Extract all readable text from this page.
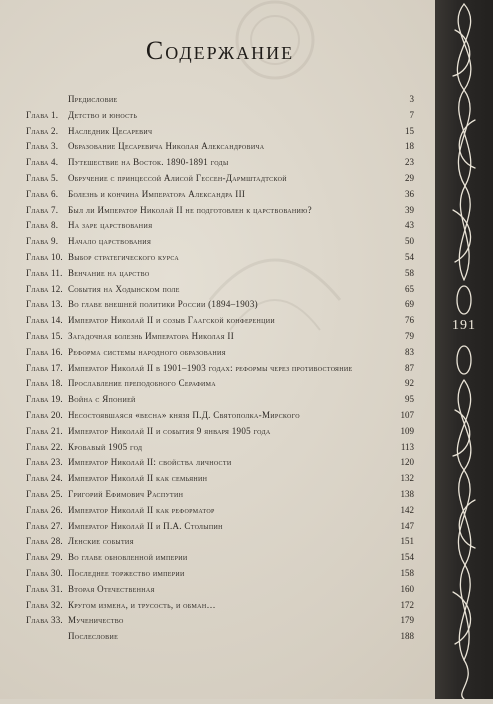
Содержание
Предисловие	3
Глава 1.	Детство и юность	7
Глава 2.	Наследник Цесаревич	15
Глава 3.	Образование Цесаревича Николая Александровича	18
Глава 4.	Путешествие на Восток. 1890-1891 годы	23
Глава 5.	Обручение с принцессой Алисой Гессен-Дармштадтской	29
Глава 6.	Болезнь и кончина Императора Александра III	36
Глава 7.	Был ли Император Николай II не подготовлен к царствованию?	39
Глава 8.	На заре царствования	43
Глава 9.	Начало царствования	50
Глава 10. Выбор стратегического курса	54
Глава 11. Венчание на царство	58
Глава 12. События на Ходынском поле	65
Глава 13. Во главе внешней политики России (1894–1903)	69
Глава 14. Император Николай II и созыв Гаагской конференции	76
Глава 15. Загадочная болезнь Императора Николая II	79
Глава 16. Реформа системы народного образования	83
Глава 17. Император Николай II в 1901–1903 годах: реформы через противостояние	87
Глава 18. Прославление преподобного Серафима	92
Глава 19. Война с Японией	95
Глава 20. Несостоявшаяся «весна» князя П.Д. Святополка-Мирского	107
Глава 21. Император Николай II и события 9 января 1905 года	109
Глава 22. Кровавый 1905 год	113
Глава 23. Император Николай II: свойства личности	120
Глава 24. Император Николай II как семьянин	132
Глава 25. Григорий Ефимович Распутин	138
Глава 26. Император Николай II как реформатор	142
Глава 27. Император Николай II и П.А. Столыпин	147
Глава 28. Ленские события	151
Глава 29. Во главе обновленной империи	154
Глава 30. Последнее торжество империи	158
Глава 31. Вторая Отечественная	160
Глава 32. Кругом измена, и трусость, и обман…	172
Глава 33. Мученичество	179
Послесловие	188
191
